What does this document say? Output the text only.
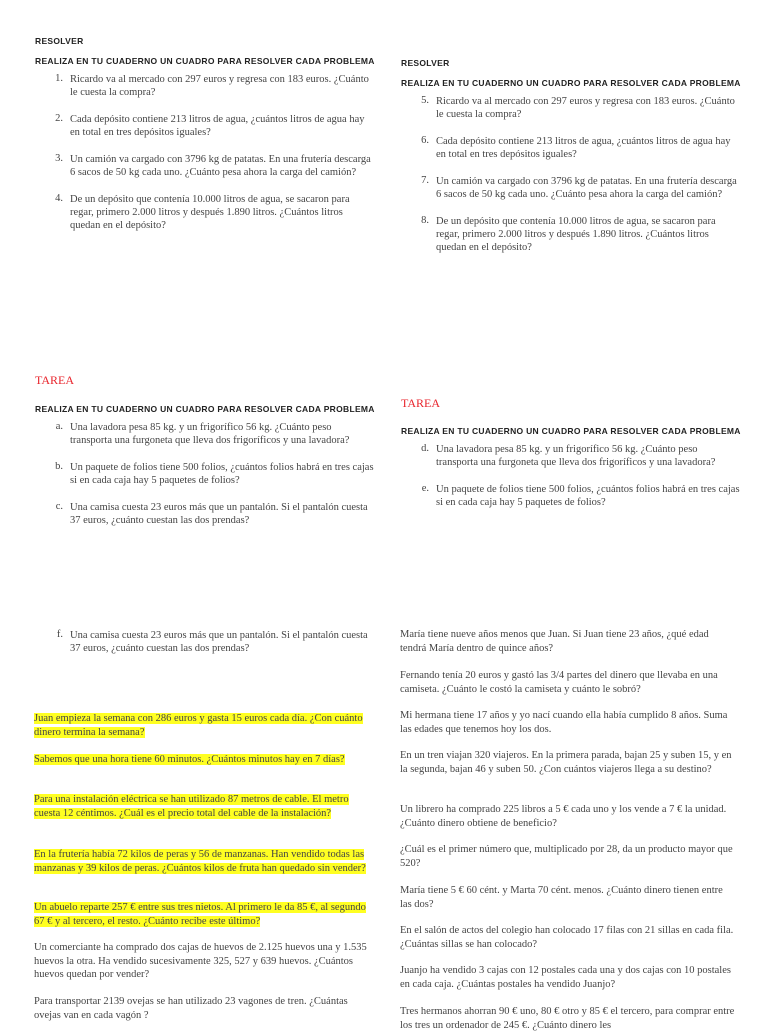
RESOLVER

REALIZA EN TU CUADERNO UN CUADRO PARA RESOLVER CADA PROBLEMA

1. Ricardo va al mercado con 297 euros y regresa con 183 euros. ¿Cuánto le cuesta la compra?
2. Cada depósito contiene 213 litros de agua, ¿cuántos litros de agua hay en total en tres depósitos iguales?
3. Un camión va cargado con 3796 kg de patatas. En una frutería descarga 6 sacos de 50 kg cada uno. ¿Cuánto pesa ahora la carga del camión?
4. De un depósito que contenía 10.000 litros de agua, se sacaron para regar, primero 2.000 litros y después 1.890 litros. ¿Cuántos litros quedan en el depósito?

RESOLVER

REALIZA EN TU CUADERNO UN CUADRO PARA RESOLVER CADA PROBLEMA

5. Ricardo va al mercado con 297 euros y regresa con 183 euros. ¿Cuánto le cuesta la compra?
6. Cada depósito contiene 213 litros de agua, ¿cuántos litros de agua hay en total en tres depósitos iguales?
7. Un camión va cargado con 3796 kg de patatas. En una frutería descarga 6 sacos de 50 kg cada uno. ¿Cuánto pesa ahora la carga del camión?
8. De un depósito que contenía 10.000 litros de agua, se sacaron para regar, primero 2.000 litros y después 1.890 litros. ¿Cuántos litros quedan en el depósito?

TAREA

REALIZA EN TU CUADERNO UN CUADRO PARA RESOLVER CADA PROBLEMA

a. Una lavadora pesa 85 kg. y un frigorífico 56 kg. ¿Cuánto peso transporta una furgoneta que lleva dos frigoríficos y una lavadora?
b. Un paquete de folios tiene 500 folios, ¿cuántos folios habrá en tres cajas si en cada caja hay 5 paquetes de folios?
c. Una camisa cuesta 23 euros más que un pantalón. Si el pantalón cuesta 37 euros, ¿cuánto cuestan las dos prendas?

TAREA

REALIZA EN TU CUADERNO UN CUADRO PARA RESOLVER CADA PROBLEMA

d. Una lavadora pesa 85 kg. y un frigorífico 56 kg. ¿Cuánto peso transporta una furgoneta que lleva dos frigoríficos y una lavadora?
e. Un paquete de folios tiene 500 folios, ¿cuántos folios habrá en tres cajas si en cada caja hay 5 paquetes de folios?
f. Una camisa cuesta 23 euros más que un pantalón. Si el pantalón cuesta 37 euros, ¿cuánto cuestan las dos prendas?

Juan empieza la semana con 286 euros y gasta 15 euros cada día. ¿Con cuánto dinero termina la semana?

Sabemos que una hora tiene 60 minutos. ¿Cuántos minutos hay en 7 días?

Para una instalación eléctrica se han utilizado 87 metros de cable. El metro cuesta 12 céntimos. ¿Cuál es el precio total del cable de la instalación?

En la frutería había 72 kilos de peras y 56 de manzanas. Han vendido todas las manzanas y 39 kilos de peras. ¿Cuántos kilos de fruta han quedado sin vender?

Un abuelo reparte 257 € entre sus tres nietos. Al primero le da 85 €, al segundo 67 € y al tercero, el resto. ¿Cuánto recibe este último?

Un comerciante ha comprado dos cajas de huevos de 2.125 huevos una y 1.535 huevos la otra. Ha vendido sucesivamente 325, 527 y 639 huevos. ¿Cuántos huevos quedan por vender?

Para transportar 2139 ovejas se han utilizado 23 vagones de tren. ¿Cuántas ovejas van en cada vagón ?

María tiene nueve años menos que Juan. Si Juan tiene 23 años, ¿qué edad tendrá María dentro de quince años?

Fernando tenía 20 euros y gastó las 3/4 partes del dinero que llevaba en una camiseta. ¿Cuánto le costó la camiseta y cuánto le sobró?

Mi hermana tiene 17 años y yo nací cuando ella había cumplido 8 años. Suma las edades que tenemos hoy los dos.

En un tren viajan 320 viajeros. En la primera parada, bajan 25 y suben 15, y en la segunda, bajan 46 y suben 50. ¿Con cuántos viajeros llega a su destino?

Un librero ha comprado 225 libros a 5 € cada uno y los vende a 7 € la unidad. ¿Cuánto dinero obtiene de beneficio?

¿Cuál es el primer número que, multiplicado por 28, da un producto mayor que 520?

María tiene 5 € 60 cént. y Marta 70 cént. menos. ¿Cuánto dinero tienen entre las dos?

En el salón de actos del colegio han colocado 17 filas con 21 sillas en cada fila. ¿Cuántas sillas se han colocado?

Juanjo ha vendido 3 cajas con 12 postales cada una y dos cajas con 10 postales en cada caja. ¿Cuántas postales ha vendido Juanjo?

Tres hermanos ahorran 90 € uno, 80 € otro y 85 € el tercero, para comprar entre los tres un ordenador de 245 €. ¿Cuánto dinero les
